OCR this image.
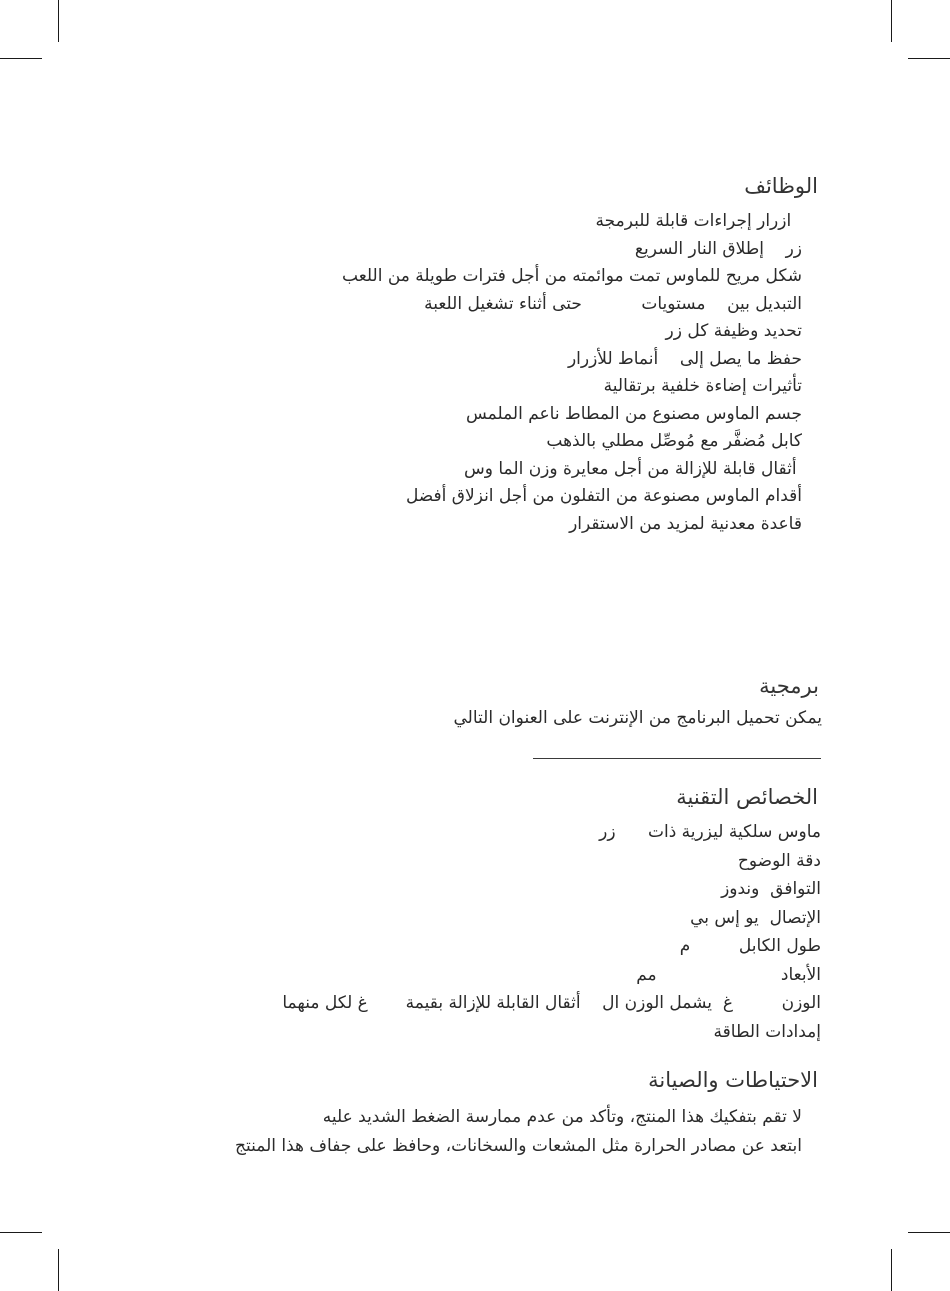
الوظائف
ازرار إجراءات قابلة للبرمجة
زر    إطلاق النار السريع
شكل مريح للماوس تمت موائمته من أجل فترات طويلة من اللعب
التبديل بين    مستويات           حتى أثناء تشغيل اللعبة
تحديد وظيفة كل زر
حفظ ما يصل إلى    أنماط للأزرار
تأثيرات إضاءة خلفية برتقالية
جسم الماوس مصنوع من المطاط ناعم الملمس
كابل مُضفَّر مع مُوصِّل مطلي بالذهب
أثقال قابلة للإزالة من أجل معايرة وزن الما وس
أقدام الماوس مصنوعة من التفلون من أجل انزلاق أفضل
قاعدة معدنية لمزيد من الاستقرار
برمجية

يمكن تحميل البرنامج من الإنترنت على العنوان التالي

الخصائص التقنية
ماوس سلكية ليزرية ذات      زر
دقة الوضوح
التوافق  وندوز
الإتصال  يو إس بي
طول الكابل         م
الأبعاد                       مم
الوزن         غ  يشمل الوزن ال    أثقال القابلة للإزالة بقيمة       غ لكل منهما
إمدادات الطاقة
الاحتياطات والصيانة
لا تقم بتفكيك هذا المنتج، وتأكد من عدم ممارسة الضغط الشديد عليه
ابتعد عن مصادر الحرارة مثل المشعات والسخانات، وحافظ على جفاف هذا المنتج
